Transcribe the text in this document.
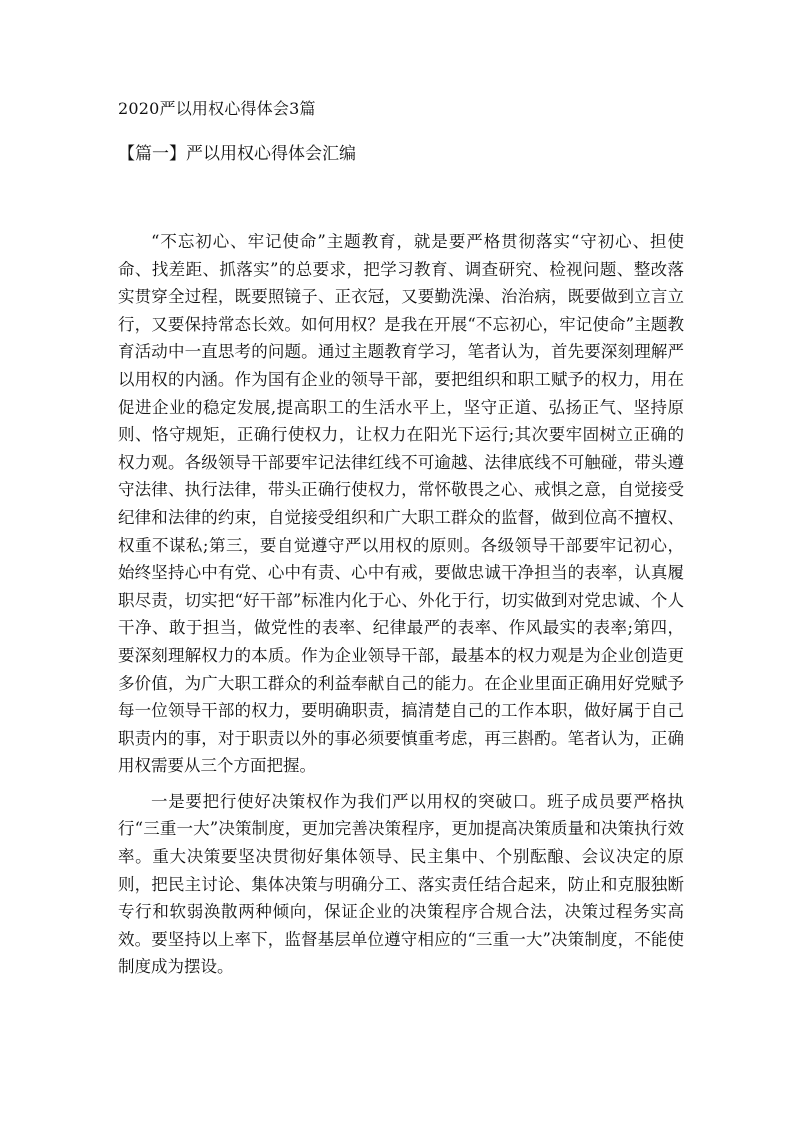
2020严以用权心得体会3篇
【篇一】严以用权心得体会汇编

“不忘初心、牢记使命”主题教育，就是要严格贯彻落实“守初心、担使命、找差距、抓落实”的总要求，把学习教育、调查研究、检视问题、整改落实贯穿全过程，既要照镜子、正衣冠，又要勤洗澡、治治病，既要做到立言立行，又要保持常态长效。如何用权？是我在开展“不忘初心，牢记使命”主题教育活动中一直思考的问题。通过主题教育学习，笔者认为，首先要深刻理解严以用权的内涵。作为国有企业的领导干部，要把组织和职工赋予的权力，用在促进企业的稳定发展,提高职工的生活水平上，坚守正道、弘扬正气、坚持原则、恪守规矩，正确行使权力，让权力在阳光下运行;其次要牢固树立正确的权力观。各级领导干部要牢记法律红线不可逾越、法律底线不可触碰，带头遵守法律、执行法律，带头正确行使权力，常怀敬畏之心、戒惧之意，自觉接受纪律和法律的约束，自觉接受组织和广大职工群众的监督，做到位高不擅权、权重不谋私;第三，要自觉遵守严以用权的原则。各级领导干部要牢记初心，始终坚持心中有党、心中有责、心中有戒，要做忠诚干净担当的表率，认真履职尽责，切实把“好干部”标准内化于心、外化于行，切实做到对党忠诚、个人干净、敢于担当，做党性的表率、纪律最严的表率、作风最实的表率;第四，要深刻理解权力的本质。作为企业领导干部，最基本的权力观是为企业创造更多价值，为广大职工群众的利益奉献自己的能力。在企业里面正确用好党赋予每一位领导干部的权力，要明确职责，搞清楚自己的工作本职，做好属于自己职责内的事，对于职责以外的事必须要慎重考虑，再三斟酌。笔者认为，正确用权需要从三个方面把握。

一是要把行使好决策权作为我们严以用权的突破口。班子成员要严格执行“三重一大”决策制度，更加完善决策程序，更加提高决策质量和决策执行效率。重大决策要坚决贯彻好集体领导、民主集中、个别酝酿、会议决定的原则，把民主讨论、集体决策与明确分工、落实责任结合起来，防止和克服独断专行和软弱涣散两种倾向，保证企业的决策程序合规合法，决策过程务实高效。要坚持以上率下，监督基层单位遵守相应的“三重一大”决策制度，不能使制度成为摆设。
